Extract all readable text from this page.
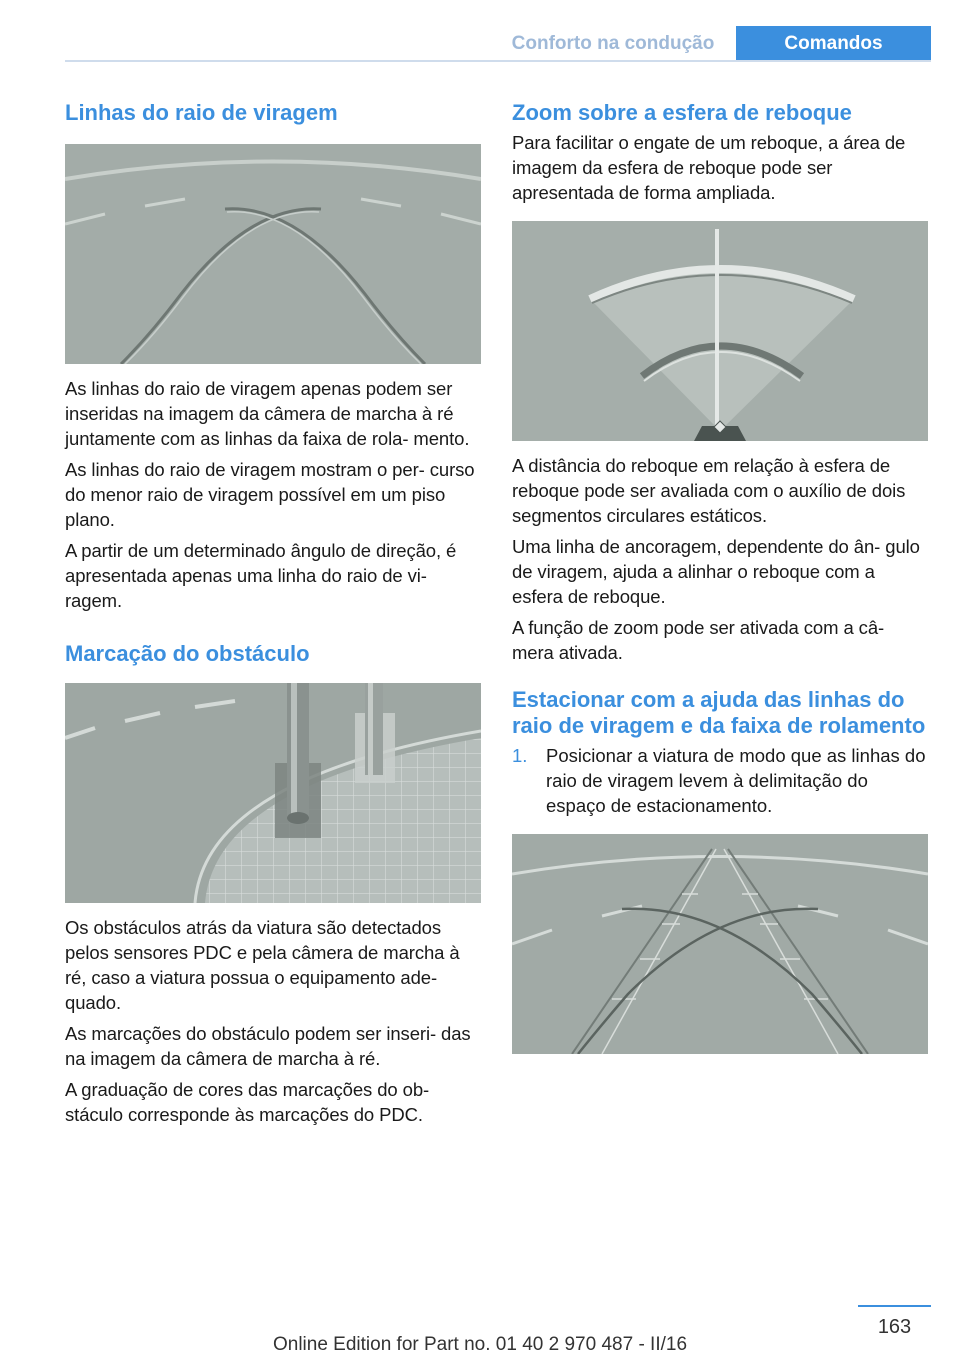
Conforto na condução	Comandos
Linhas do raio de viragem

As linhas do raio de viragem apenas podem ser inseridas na imagem da câmera de marcha à ré juntamente com as linhas da faixa de rola‐ mento.

As linhas do raio de viragem mostram o per‐ curso do menor raio de viragem possível em um piso plano.

A partir de um determinado ângulo de direção, é apresentada apenas uma linha do raio de vi‐ ragem.

Marcação do obstáculo

Os obstáculos atrás da viatura são detectados pelos sensores PDC e pela câmera de marcha à ré, caso a viatura possua o equipamento ade‐ quado.

As marcações do obstáculo podem ser inseri‐ das na imagem da câmera de marcha à ré.

A graduação de cores das marcações do ob‐ stáculo corresponde às marcações do PDC.

Zoom sobre a esfera de reboque

Para facilitar o engate de um reboque, a área de imagem da esfera de reboque pode ser apresentada de forma ampliada.

A distância do reboque em relação à esfera de reboque pode ser avaliada com o auxílio de dois segmentos circulares estáticos.

Uma linha de ancoragem, dependente do ân‐ gulo de viragem, ajuda a alinhar o reboque com a esfera de reboque.

A função de zoom pode ser ativada com a câ‐ mera ativada.

Estacionar com a ajuda das linhas do raio de viragem e da faixa de rolamento
1.	Posicionar a viatura de modo que as linhas do raio de viragem levem à delimitação do espaço de estacionamento.
163
Online Edition for Part no. 01 40 2 970 487 - II/16
